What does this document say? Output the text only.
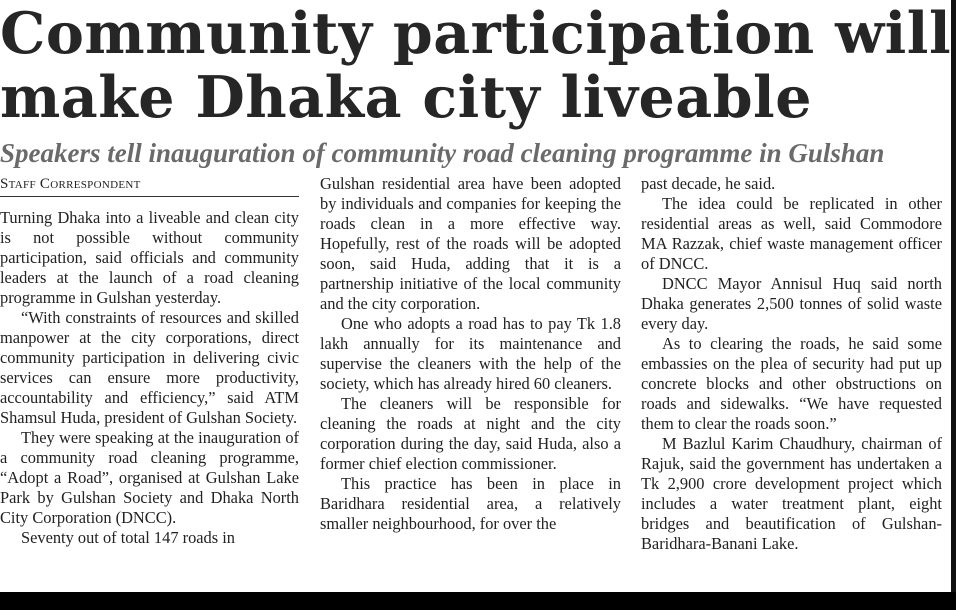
Community participation will
make Dhaka city liveable
Speakers tell inauguration of community road cleaning programme in Gulshan
Staff Correspondent

Turning Dhaka into a liveable and clean city is not possible without community participation, said officials and community leaders at the launch of a road cleaning programme in Gulshan yesterday.

“With constraints of resources and skilled manpower at the city corporations, direct community participation in delivering civic services can ensure more productivity, accountability and efficiency,” said ATM Shamsul Huda, president of Gulshan Society.

They were speaking at the inauguration of a community road cleaning programme, “Adopt a Road”, organised at Gulshan Lake Park by Gulshan Society and Dhaka North City Corporation (DNCC).

Seventy out of total 147 roads in

Gulshan residential area have been adopted by individuals and companies for keeping the roads clean in a more effective way. Hopefully, rest of the roads will be adopted soon, said Huda, adding that it is a partnership initiative of the local community and the city corporation.

One who adopts a road has to pay Tk 1.8 lakh annually for its maintenance and supervise the cleaners with the help of the society, which has already hired 60 cleaners.

The cleaners will be responsible for cleaning the roads at night and the city corporation during the day, said Huda, also a former chief election commissioner.

This practice has been in place in Baridhara residential area, a relatively smaller neighbourhood, for over the

past decade, he said.

The idea could be replicated in other residential areas as well, said Commodore MA Razzak, chief waste management officer of DNCC.

DNCC Mayor Annisul Huq said north Dhaka generates 2,500 tonnes of solid waste every day.

As to clearing the roads, he said some embassies on the plea of security had put up concrete blocks and other obstructions on roads and sidewalks. “We have requested them to clear the roads soon.”

M Bazlul Karim Chaudhury, chairman of Rajuk, said the government has undertaken a Tk 2,900 crore development project which includes a water treatment plant, eight bridges and beautification of Gulshan-Baridhara-Banani Lake.
